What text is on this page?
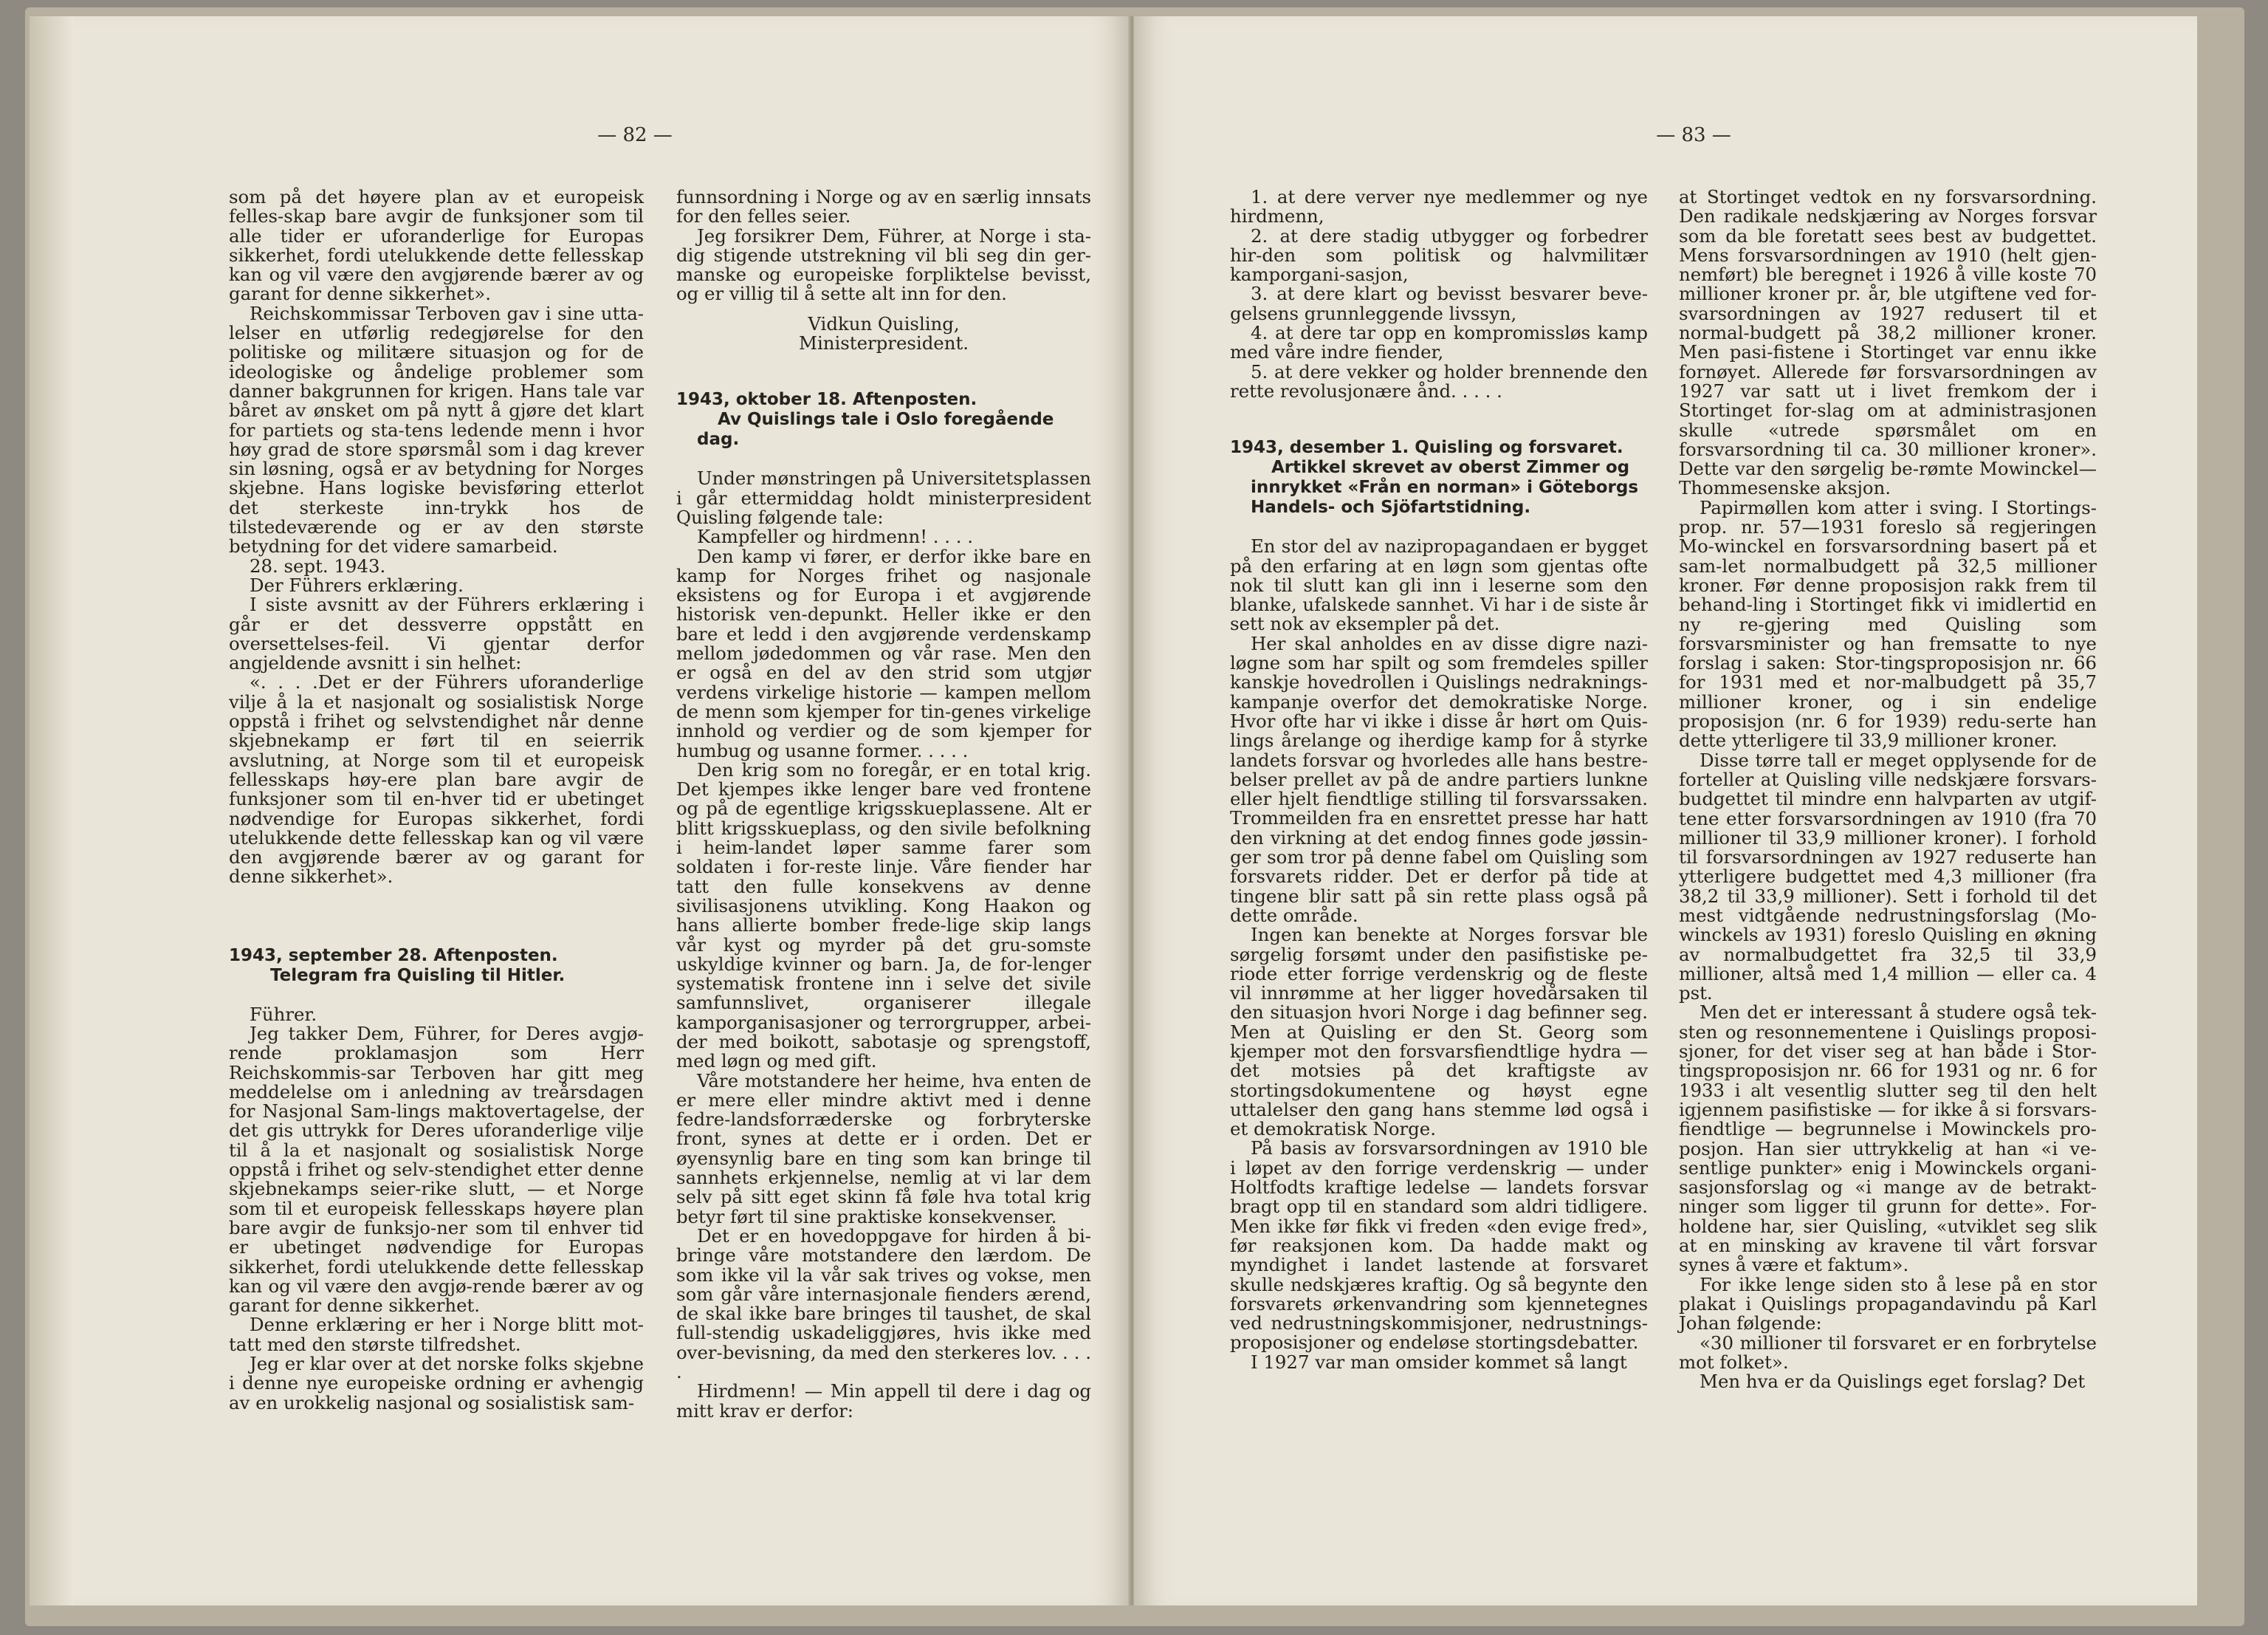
— 82 —

som på det høyere plan av et europeisk felles-skap bare avgir de funksjoner som til alle tider er uforanderlige for Europas sikkerhet, fordi utelukkende dette fellesskap kan og vil være den avgjørende bærer av og garant for denne sikkerhet».

Reichskommissar Terboven gav i sine utta-lelser en utførlig redegjørelse for den politiske og militære situasjon og for de ideologiske og åndelige problemer som danner bakgrunnen for krigen. Hans tale var båret av ønsket om på nytt å gjøre det klart for partiets og sta-tens ledende menn i hvor høy grad de store spørsmål som i dag krever sin løsning, også er av betydning for Norges skjebne. Hans logiske bevisføring etterlot det sterkeste inn-trykk hos de tilstedeværende og er av den største betydning for det videre samarbeid.

28. sept. 1943.

Der Führers erklæring.

I siste avsnitt av der Führers erklæring i går er det dessverre oppstått en oversettelses-feil. Vi gjentar derfor angjeldende avsnitt i sin helhet:

«. . . .Det er der Führers uforanderlige vilje å la et nasjonalt og sosialistisk Norge oppstå i frihet og selvstendighet når denne skjebnekamp er ført til en seierrik avslutning, at Norge som til et europeisk fellesskaps høy-ere plan bare avgir de funksjoner som til en-hver tid er ubetinget nødvendige for Europas sikkerhet, fordi utelukkende dette fellesskap kan og vil være den avgjørende bærer av og garant for denne sikkerhet».

1943, september 28. Aftenposten.

Telegram fra Quisling til Hitler.

Führer.

Jeg takker Dem, Führer, for Deres avgjø-rende proklamasjon som Herr Reichskommis-sar Terboven har gitt meg meddelelse om i anledning av treårsdagen for Nasjonal Sam-lings maktovertagelse, der det gis uttrykk for Deres uforanderlige vilje til å la et nasjonalt og sosialistisk Norge oppstå i frihet og selv-stendighet etter denne skjebnekamps seier-rike slutt, — et Norge som til et europeisk fellesskaps høyere plan bare avgir de funksjo-ner som til enhver tid er ubetinget nødvendige for Europas sikkerhet, fordi utelukkende dette fellesskap kan og vil være den avgjø-rende bærer av og garant for denne sikkerhet.

Denne erklæring er her i Norge blitt mot-tatt med den største tilfredshet.

Jeg er klar over at det norske folks skjebne i denne nye europeiske ordning er avhengig av en urokkelig nasjonal og sosialistisk sam-

funnsordning i Norge og av en særlig innsats for den felles seier.

Jeg forsikrer Dem, Führer, at Norge i sta-dig stigende utstrekning vil bli seg din ger-manske og europeiske forpliktelse bevisst, og er villig til å sette alt inn for den.

Vidkun Quisling,

Ministerpresident.

1943, oktober 18. Aftenposten.

Av Quislings tale i Oslo foregående dag.

Under mønstringen på Universitetsplassen i går ettermiddag holdt ministerpresident Quisling følgende tale:

Kampfeller og hirdmenn! . . . .

Den kamp vi fører, er derfor ikke bare en kamp for Norges frihet og nasjonale eksistens og for Europa i et avgjørende historisk ven-depunkt. Heller ikke er den bare et ledd i den avgjørende verdenskamp mellom jødedommen og vår rase. Men den er også en del av den strid som utgjør verdens virkelige historie — kampen mellom de menn som kjemper for tin-genes virkelige innhold og verdier og de som kjemper for humbug og usanne former. . . . .

Den krig som no foregår, er en total krig. Det kjempes ikke lenger bare ved frontene og på de egentlige krigsskueplassene. Alt er blitt krigsskueplass, og den sivile befolkning i heim-landet løper samme farer som soldaten i for-reste linje. Våre fiender har tatt den fulle konsekvens av denne sivilisasjonens utvikling. Kong Haakon og hans allierte bomber frede-lige skip langs vår kyst og myrder på det gru-somste uskyldige kvinner og barn. Ja, de for-lenger systematisk frontene inn i selve det sivile samfunnslivet, organiserer illegale kamporganisasjoner og terrorgrupper, arbei-der med boikott, sabotasje og sprengstoff, med løgn og med gift.

Våre motstandere her heime, hva enten de er mere eller mindre aktivt med i denne fedre-landsforræderske og forbryterske front, synes at dette er i orden. Det er øyensynlig bare en ting som kan bringe til sannhets erkjennelse, nemlig at vi lar dem selv på sitt eget skinn få føle hva total krig betyr ført til sine praktiske konsekvenser.

Det er en hovedoppgave for hirden å bi-bringe våre motstandere den lærdom. De som ikke vil la vår sak trives og vokse, men som går våre internasjonale fienders ærend, de skal ikke bare bringes til taushet, de skal full-stendig uskadeliggjøres, hvis ikke med over-bevisning, da med den sterkeres lov. . . . .

Hirdmenn! — Min appell til dere i dag og mitt krav er derfor:

— 83 —

1. at dere verver nye medlemmer og nye hirdmenn,

2. at dere stadig utbygger og forbedrer hir-den som politisk og halvmilitær kamporgani-sasjon,

3. at dere klart og bevisst besvarer beve-gelsens grunnleggende livssyn,

4. at dere tar opp en kompromissløs kamp med våre indre fiender,

5. at dere vekker og holder brennende den rette revolusjonære ånd. . . . .

1943, desember 1. Quisling og forsvaret.

Artikkel skrevet av oberst Zimmer og innrykket «Från en norman» i Göteborgs Handels- och Sjöfartstidning.

En stor del av nazipropagandaen er bygget på den erfaring at en løgn som gjentas ofte nok til slutt kan gli inn i leserne som den blanke, ufalskede sannhet. Vi har i de siste år sett nok av eksempler på det.

Her skal anholdes en av disse digre nazi-løgne som har spilt og som fremdeles spiller kanskje hovedrollen i Quislings nedraknings-kampanje overfor det demokratiske Norge. Hvor ofte har vi ikke i disse år hørt om Quis-lings årelange og iherdige kamp for å styrke landets forsvar og hvorledes alle hans bestre-belser prellet av på de andre partiers lunkne eller hjelt fiendtlige stilling til forsvarssaken. Trommeilden fra en ensrettet presse har hatt den virkning at det endog finnes gode jøssin-ger som tror på denne fabel om Quisling som forsvarets ridder. Det er derfor på tide at tingene blir satt på sin rette plass også på dette område.

Ingen kan benekte at Norges forsvar ble sørgelig forsømt under den pasifistiske pe-riode etter forrige verdenskrig og de fleste vil innrømme at her ligger hovedårsaken til den situasjon hvori Norge i dag befinner seg. Men at Quisling er den St. Georg som kjemper mot den forsvarsfiendtlige hydra — det motsies på det kraftigste av stortingsdokumentene og høyst egne uttalelser den gang hans stemme lød også i et demokratisk Norge.

På basis av forsvarsordningen av 1910 ble i løpet av den forrige verdenskrig — under Holtfodts kraftige ledelse — landets forsvar bragt opp til en standard som aldri tidligere. Men ikke før fikk vi freden «den evige fred», før reaksjonen kom. Da hadde makt og myndighet i landet lastende at forsvaret skulle nedskjæres kraftig. Og så begynte den forsvarets ørkenvandring som kjennetegnes ved nedrustningskommisjoner, nedrustnings-proposisjoner og endeløse stortingsdebatter.

I 1927 var man omsider kommet så langt

at Stortinget vedtok en ny forsvarsordning. Den radikale nedskjæring av Norges forsvar som da ble foretatt sees best av budgettet. Mens forsvarsordningen av 1910 (helt gjen-nemført) ble beregnet i 1926 å ville koste 70 millioner kroner pr. år, ble utgiftene ved for-svarsordningen av 1927 redusert til et normal-budgett på 38,2 millioner kroner. Men pasi-fistene i Stortinget var ennu ikke fornøyet. Allerede før forsvarsordningen av 1927 var satt ut i livet fremkom der i Stortinget for-slag om at administrasjonen skulle «utrede spørsmålet om en forsvarsordning til ca. 30 millioner kroner». Dette var den sørgelig be-rømte Mowinckel—Thommesenske aksjon.

Papirmøllen kom atter i sving. I Stortings-prop. nr. 57—1931 foreslo så regjeringen Mo-winckel en forsvarsordning basert på et sam-let normalbudgett på 32,5 millioner kroner. Før denne proposisjon rakk frem til behand-ling i Stortinget fikk vi imidlertid en ny re-gjering med Quisling som forsvarsminister og han fremsatte to nye forslag i saken: Stor-tingsproposisjon nr. 66 for 1931 med et nor-malbudgett på 35,7 millioner kroner, og i sin endelige proposisjon (nr. 6 for 1939) redu-serte han dette ytterligere til 33,9 millioner kroner.

Disse tørre tall er meget opplysende for de forteller at Quisling ville nedskjære forsvars-budgettet til mindre enn halvparten av utgif-tene etter forsvarsordningen av 1910 (fra 70 millioner til 33,9 millioner kroner). I forhold til forsvarsordningen av 1927 reduserte han ytterligere budgettet med 4,3 millioner (fra 38,2 til 33,9 millioner). Sett i forhold til det mest vidtgående nedrustningsforslag (Mo-winckels av 1931) foreslo Quisling en økning av normalbudgettet fra 32,5 til 33,9 millioner, altså med 1,4 million — eller ca. 4 pst.

Men det er interessant å studere også tek-sten og resonnementene i Quislings proposi-sjoner, for det viser seg at han både i Stor-tingsproposisjon nr. 66 for 1931 og nr. 6 for 1933 i alt vesentlig slutter seg til den helt igjennem pasifistiske — for ikke å si forsvars-fiendtlige — begrunnelse i Mowinckels pro-posjon. Han sier uttrykkelig at han «i ve-sentlige punkter» enig i Mowinckels organi-sasjonsforslag og «i mange av de betrakt-ninger som ligger til grunn for dette». For-holdene har, sier Quisling, «utviklet seg slik at en minsking av kravene til vårt forsvar synes å være et faktum».

For ikke lenge siden sto å lese på en stor plakat i Quislings propagandavindu på Karl Johan følgende:

«30 millioner til forsvaret er en forbrytelse mot folket».

Men hva er da Quislings eget forslag? Det
